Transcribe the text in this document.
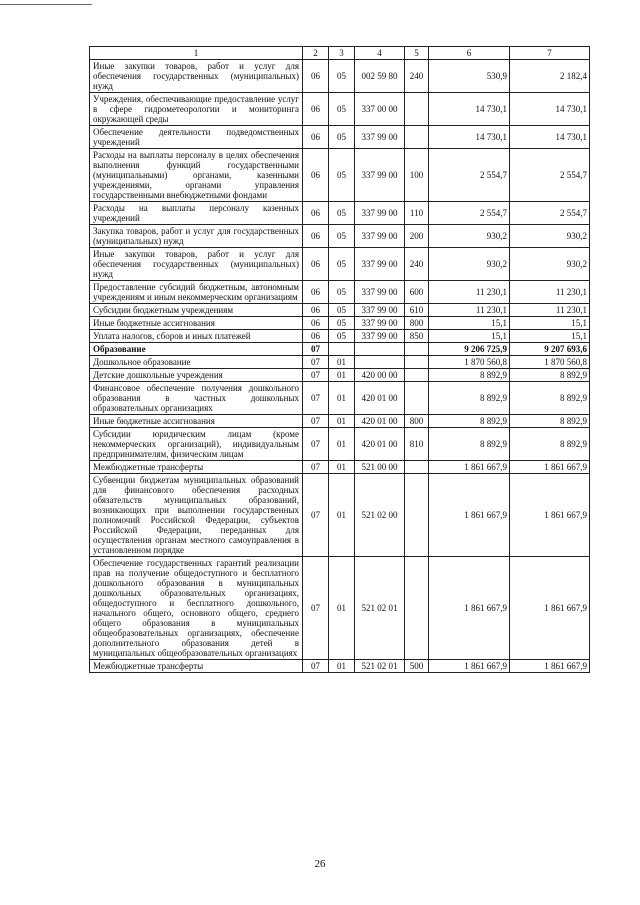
1	2	3	4	5	6	7
Иные закупки товаров, работ и услуг для обеспечения государственных (муниципальных) нужд	06	05	002 59 80	240	530,9	2 182,4
Учреждения, обеспечивающие предоставление услуг в сфере гидрометеорологии и мониторинга окружающей среды	06	05	337 00 00		14 730,1	14 730,1
Обеспечение деятельности подведомственных учреждений	06	05	337 99 00		14 730,1	14 730,1
Расходы на выплаты персоналу в целях обеспечения выполнения функций государственными (муниципальными) органами, казенными учреждениями, органами управления государственными внебюджетными фондами	06	05	337 99 00	100	2 554,7	2 554,7
Расходы на выплаты персоналу казенных учреждений	06	05	337 99 00	110	2 554,7	2 554,7
Закупка товаров, работ и услуг для государственных (муниципальных) нужд	06	05	337 99 00	200	930,2	930,2
Иные закупки товаров, работ и услуг для обеспечения государственных (муниципальных) нужд	06	05	337 99 00	240	930,2	930,2
Предоставление субсидий бюджетным, автономным учреждениям и иным некоммерческим организациям	06	05	337 99 00	600	11 230,1	11 230,1
Субсидии бюджетным учреждениям	06	05	337 99 00	610	11 230,1	11 230,1
Иные бюджетные ассигнования	06	05	337 99 00	800	15,1	15,1
Уплата налогов, сборов и иных платежей	06	05	337 99 00	850	15,1	15,1
Образование	07				9 206 725,9	9 207 693,6
Дошкольное образование	07	01			1 870 560,8	1 870 560,8
Детские дошкольные учреждения	07	01	420 00 00		8 892,9	8 892,9
Финансовое обеспечение получения дошкольного образования в частных дошкольных образовательных организациях	07	01	420 01 00		8 892,9	8 892,9
Иные бюджетные ассигнования	07	01	420 01 00	800	8 892,9	8 892,9
Субсидии юридическим лицам (кроме некоммерческих организаций), индивидуальным предпринимателям, физическим лицам	07	01	420 01 00	810	8 892,9	8 892,9
Межбюджетные трансферты	07	01	521 00 00		1 861 667,9	1 861 667,9
Субвенции бюджетам муниципальных образований для финансового обеспечения расходных обязательств муниципальных образований, возникающих при выполнении государственных полномочий Российской Федерации, субъектов Российской Федерации, переданных для осуществления органам местного самоуправления в установленном порядке	07	01	521 02 00		1 861 667,9	1 861 667,9
Обеспечение государственных гарантий реализации прав на получение общедоступного и бесплатного дошкольного образования в муниципальных дошкольных образовательных организациях, общедоступного и бесплатного дошкольного, начального общего, основного общего, среднего общего образования в муниципальных общеобразовательных организациях, обеспечение дополнительного образования детей в муниципальных общеобразовательных организациях	07	01	521 02 01		1 861 667,9	1 861 667,9
Межбюджетные трансферты	07	01	521 02 01	500	1 861 667,9	1 861 667,9
26
